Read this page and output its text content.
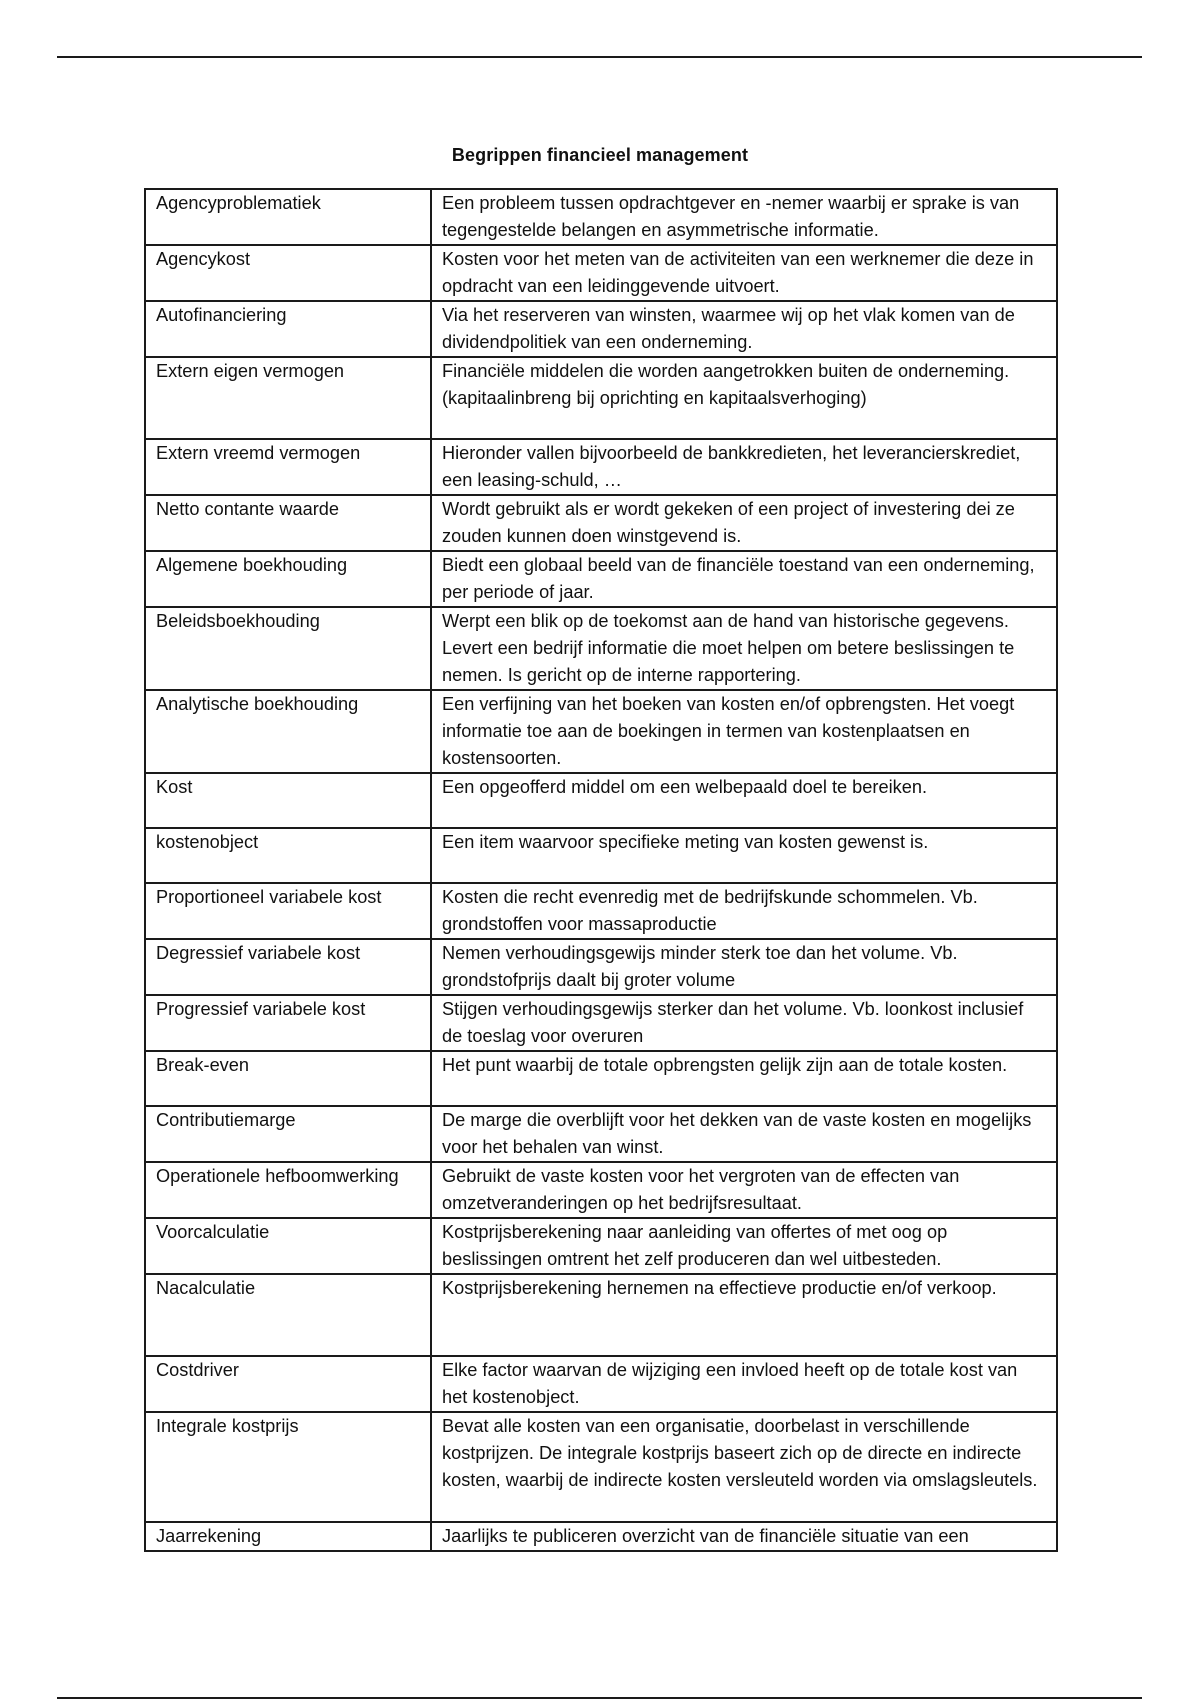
Begrippen financieel management
Agencyproblematiek	Een probleem tussen opdrachtgever en -nemer waarbij er sprake is van tegengestelde belangen en asymmetrische informatie.
Agencykost	Kosten voor het meten van de activiteiten van een werknemer die deze in opdracht van een leidinggevende uitvoert.
Autofinanciering	Via het reserveren van winsten, waarmee wij op het vlak komen van de dividendpolitiek van een onderneming.
Extern eigen vermogen	Financiële middelen die worden aangetrokken buiten de onderneming. (kapitaalinbreng bij oprichting en kapitaalsverhoging)
Extern vreemd vermogen	Hieronder vallen bijvoorbeeld de bankkredieten, het leverancierskrediet, een leasing-schuld, …
Netto contante waarde	Wordt gebruikt als er wordt gekeken of een project of investering dei ze zouden kunnen doen winstgevend is.
Algemene boekhouding	Biedt een globaal beeld van de financiële toestand van een onderneming, per periode of jaar.
Beleidsboekhouding	Werpt een blik op de toekomst aan de hand van historische gegevens. Levert een bedrijf informatie die moet helpen om betere beslissingen te nemen. Is gericht op de interne rapportering.
Analytische boekhouding	Een verfijning van het boeken van kosten en/of opbrengsten. Het voegt informatie toe aan de boekingen in termen van kostenplaatsen en kostensoorten.
Kost	Een opgeofferd middel om een welbepaald doel te bereiken.
kostenobject	Een item waarvoor specifieke meting van kosten gewenst is.
Proportioneel variabele kost	Kosten die recht evenredig met de bedrijfskunde schommelen. Vb. grondstoffen voor massaproductie
Degressief variabele kost	Nemen verhoudingsgewijs minder sterk toe dan het volume. Vb. grondstofprijs daalt bij groter volume
Progressief variabele kost	Stijgen verhoudingsgewijs sterker dan het volume. Vb. loonkost inclusief de toeslag voor overuren
Break-even	Het punt waarbij de totale opbrengsten gelijk zijn aan de totale kosten.
Contributiemarge	De marge die overblijft voor het dekken van de vaste kosten en mogelijks voor het behalen van winst.
Operationele hefboomwerking	Gebruikt de vaste kosten voor het vergroten van de effecten van omzetveranderingen op het bedrijfsresultaat.
Voorcalculatie	Kostprijsberekening naar aanleiding van offertes of met oog op beslissingen omtrent het zelf produceren dan wel uitbesteden.
Nacalculatie	Kostprijsberekening hernemen na effectieve productie en/of verkoop.
Costdriver	Elke factor waarvan de wijziging een invloed heeft op de totale kost van het kostenobject.
Integrale kostprijs	Bevat alle kosten van een organisatie, doorbelast in verschillende kostprijzen. De integrale kostprijs baseert zich op de directe en indirecte kosten, waarbij de indirecte kosten versleuteld worden via omslagsleutels.
Jaarrekening	Jaarlijks te publiceren overzicht van de financiële situatie van een
